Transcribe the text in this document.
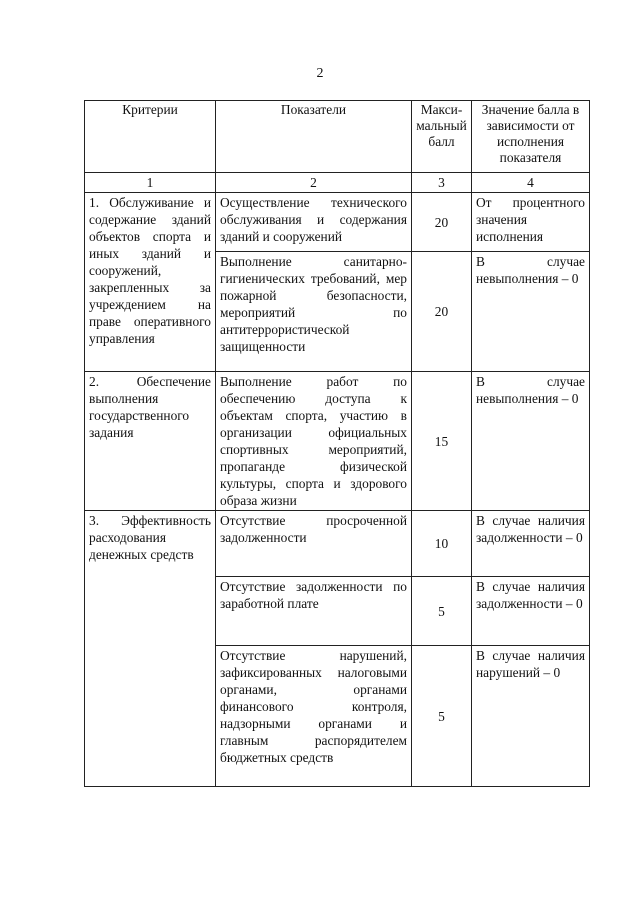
2
Критерии	Показатели	Макси-мальный балл	Значение балла в зависимости от исполнения показателя
1	2	3	4
1. Обслуживание и содержание зданий объектов спорта и иных зданий и сооружений, закрепленных за учреждением на праве оперативного управления	Осуществление технического обслуживания и содержания зданий и сооружений	20	От процентного значения исполнения
	Выполнение санитарно-гигиенических требований, мер пожарной безопасности, мероприятий по антитеррористической защищенности	20	В случае невыполнения – 0
2. Обеспечение выполнения государственного задания	Выполнение работ по обеспечению доступа к объектам спорта, участию в организации официальных спортивных мероприятий, пропаганде физической культуры, спорта и здорового образа жизни	15	В случае невыполнения – 0
3. Эффективность расходования денежных средств	Отсутствие просроченной задолженности	10	В случае наличия задолженности – 0
	Отсутствие задолженности по заработной плате	5	В случае наличия задолженности – 0
	Отсутствие нарушений, зафиксированных налоговыми органами, органами финансового контроля, надзорными органами и главным распорядителем бюджетных средств	5	В случае наличия нарушений – 0
